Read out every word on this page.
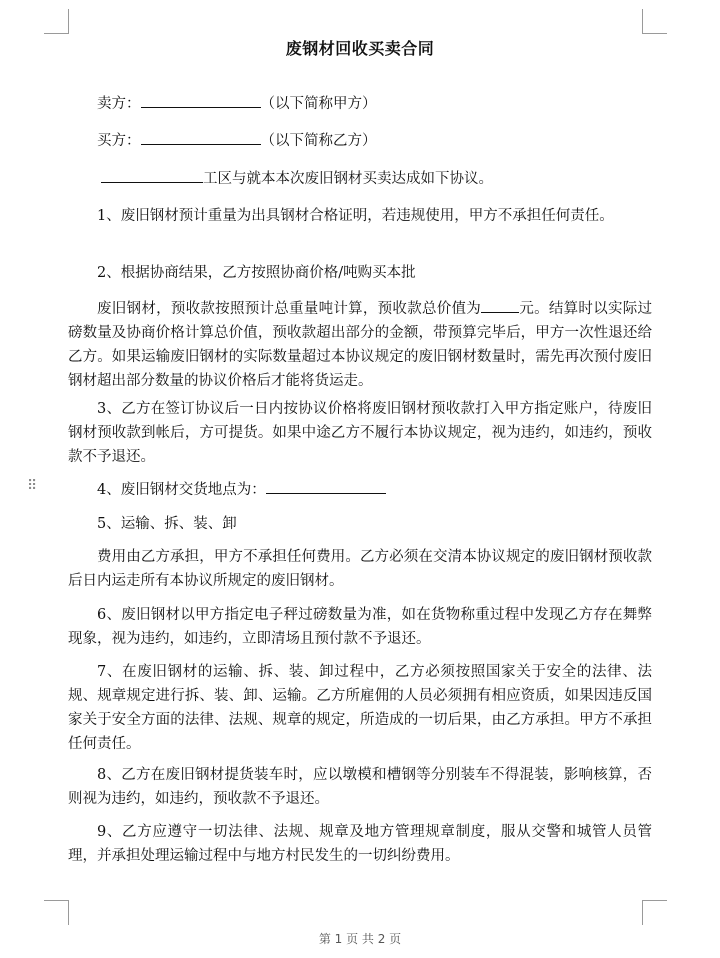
废钢材回收买卖合同
卖方：	（以下简称甲方）
买方：	（以下简称乙方）
工区与就本本次废旧钢材买卖达成如下协议。
1、废旧钢材预计重量为出具钢材合格证明，若违规使用，甲方不承担任何责任。
2、根据协商结果，乙方按照协商价格/吨购买本批
废旧钢材，预收款按照预计总重量吨计算，预收款总价值为	元。结算时以实际过磅数量及协商价格计算总价值，预收款超出部分的金额，带预算完毕后，甲方一次性退还给乙方。如果运输废旧钢材的实际数量超过本协议规定的废旧钢材数量时，需先再次预付废旧钢材超出部分数量的协议价格后才能将货运走。
3、乙方在签订协议后一日内按协议价格将废旧钢材预收款打入甲方指定账户，待废旧钢材预收款到帐后，方可提货。如果中途乙方不履行本协议规定，视为违约，如违约，预收款不予退还。
⠿	4、废旧钢材交货地点为：
5、运输、拆、装、卸
费用由乙方承担，甲方不承担任何费用。乙方必须在交清本协议规定的废旧钢材预收款后日内运走所有本协议所规定的废旧钢材。
6、废旧钢材以甲方指定电子秤过磅数量为准，如在货物称重过程中发现乙方存在舞弊现象，视为违约，如违约，立即清场且预付款不予退还。
7、在废旧钢材的运输、拆、装、卸过程中，乙方必须按照国家关于安全的法律、法规、规章规定进行拆、装、卸、运输。乙方所雇佣的人员必须拥有相应资质，如果因违反国家关于安全方面的法律、法规、规章的规定，所造成的一切后果，由乙方承担。甲方不承担任何责任。
8、乙方在废旧钢材提货装车时，应以墩模和槽钢等分别装车不得混装，影响核算，否则视为违约，如违约，预收款不予退还。
9、乙方应遵守一切法律、法规、规章及地方管理规章制度，服从交警和城管人员管理，并承担处理运输过程中与地方村民发生的一切纠纷费用。
第 1 页 共 2 页
